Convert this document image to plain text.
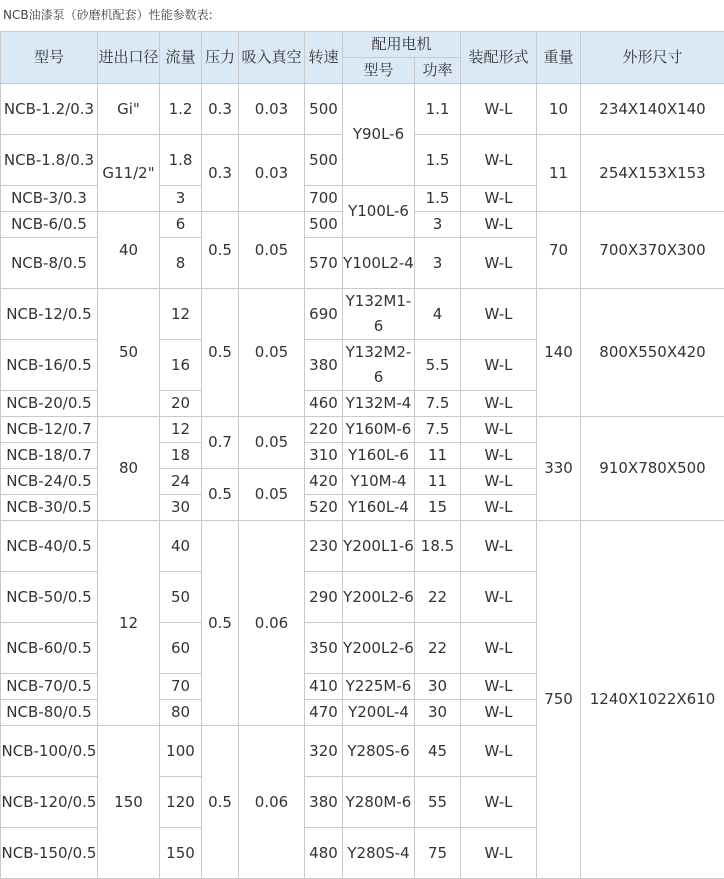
NCB油漆泵（砂磨机配套）性能参数表:
型号	进出口径	流量	压力	吸入真空	转速	配用电机		装配形式	重量	外形尺寸
						型号	功率			
NCB-1.2/0.3	Gi"	1.2	0.3	0.03	500	Y90L-6	1.1	W-L	10	234X140X140
NCB-1.8/0.3	G11/2"	1.8	0.3	0.03	500		1.5	W-L	11	254X153X153
NCB-3/0.3		3			700	Y100L-6	1.5	W-L		
NCB-6/0.5	40	6	0.5	0.05	500		3	W-L	70	700X370X300
NCB-8/0.5		8			570	Y100L2-4	3	W-L		
NCB-12/0.5	50	12	0.5	0.05	690	Y132M1-6	4	W-L	140	800X550X420
NCB-16/0.5		16			380	Y132M2-6	5.5	W-L		
NCB-20/0.5		20			460	Y132M-4	7.5	W-L		
NCB-12/0.7	80	12	0.7	0.05	220	Y160M-6	7.5	W-L	330	910X780X500
NCB-18/0.7		18			310	Y160L-6	11	W-L		
NCB-24/0.5		24	0.5	0.05	420	Y10M-4	11	W-L		
NCB-30/0.5		30			520	Y160L-4	15	W-L		
NCB-40/0.5	12	40	0.5	0.06	230	Y200L1-6	18.5	W-L	750	1240X1022X610
NCB-50/0.5		50			290	Y200L2-6	22	W-L		
NCB-60/0.5		60			350	Y200L2-6	22	W-L		
NCB-70/0.5		70			410	Y225M-6	30	W-L		
NCB-80/0.5		80			470	Y200L-4	30	W-L		
NCB-100/0.5	150	100	0.5	0.06	320	Y280S-6	45	W-L		
NCB-120/0.5		120			380	Y280M-6	55	W-L		
NCB-150/0.5		150			480	Y280S-4	75	W-L		
